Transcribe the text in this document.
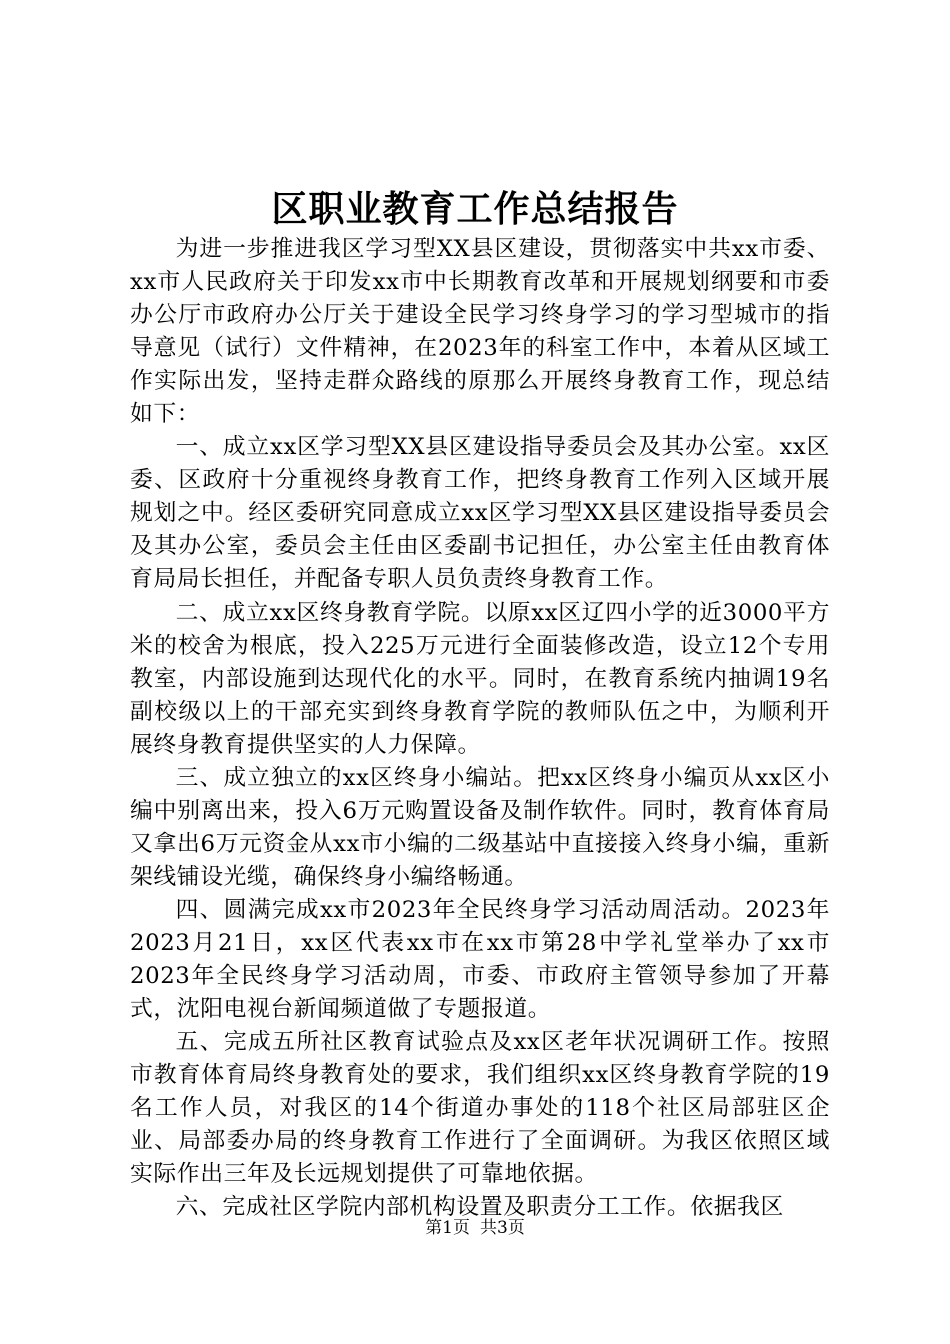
区职业教育工作总结报告

为进一步推进我区学习型XX县区建设，贯彻落实中共xx市委、xx市人民政府关于印发xx市中长期教育改革和开展规划纲要和市委办公厅市政府办公厅关于建设全民学习终身学习的学习型城市的指导意见（试行）文件精神，在2023年的科室工作中，本着从区域工作实际出发，坚持走群众路线的原那么开展终身教育工作，现总结如下：

一、成立xx区学习型XX县区建设指导委员会及其办公室。xx区委、区政府十分重视终身教育工作，把终身教育工作列入区域开展规划之中。经区委研究同意成立xx区学习型XX县区建设指导委员会及其办公室，委员会主任由区委副书记担任，办公室主任由教育体育局局长担任，并配备专职人员负责终身教育工作。

二、成立xx区终身教育学院。以原xx区辽四小学的近3000平方米的校舍为根底，投入225万元进行全面装修改造，设立12个专用教室，内部设施到达现代化的水平。同时，在教育系统内抽调19名副校级以上的干部充实到终身教育学院的教师队伍之中，为顺利开展终身教育提供坚实的人力保障。

三、成立独立的xx区终身小编站。把xx区终身小编页从xx区小编中别离出来，投入6万元购置设备及制作软件。同时，教育体育局又拿出6万元资金从xx市小编的二级基站中直接接入终身小编，重新架线铺设光缆，确保终身小编络畅通。

四、圆满完成xx市2023年全民终身学习活动周活动。2023年2023月21日，xx区代表xx市在xx市第28中学礼堂举办了xx市2023年全民终身学习活动周，市委、市政府主管领导参加了开幕式，沈阳电视台新闻频道做了专题报道。

五、完成五所社区教育试验点及xx区老年状况调研工作。按照市教育体育局终身教育处的要求，我们组织xx区终身教育学院的19名工作人员，对我区的14个街道办事处的118个社区局部驻区企业、局部委办局的终身教育工作进行了全面调研。为我区依照区域实际作出三年及长远规划提供了可靠地依据。

六、完成社区学院内部机构设置及职责分工工作。依据我区

第1页 共3页
